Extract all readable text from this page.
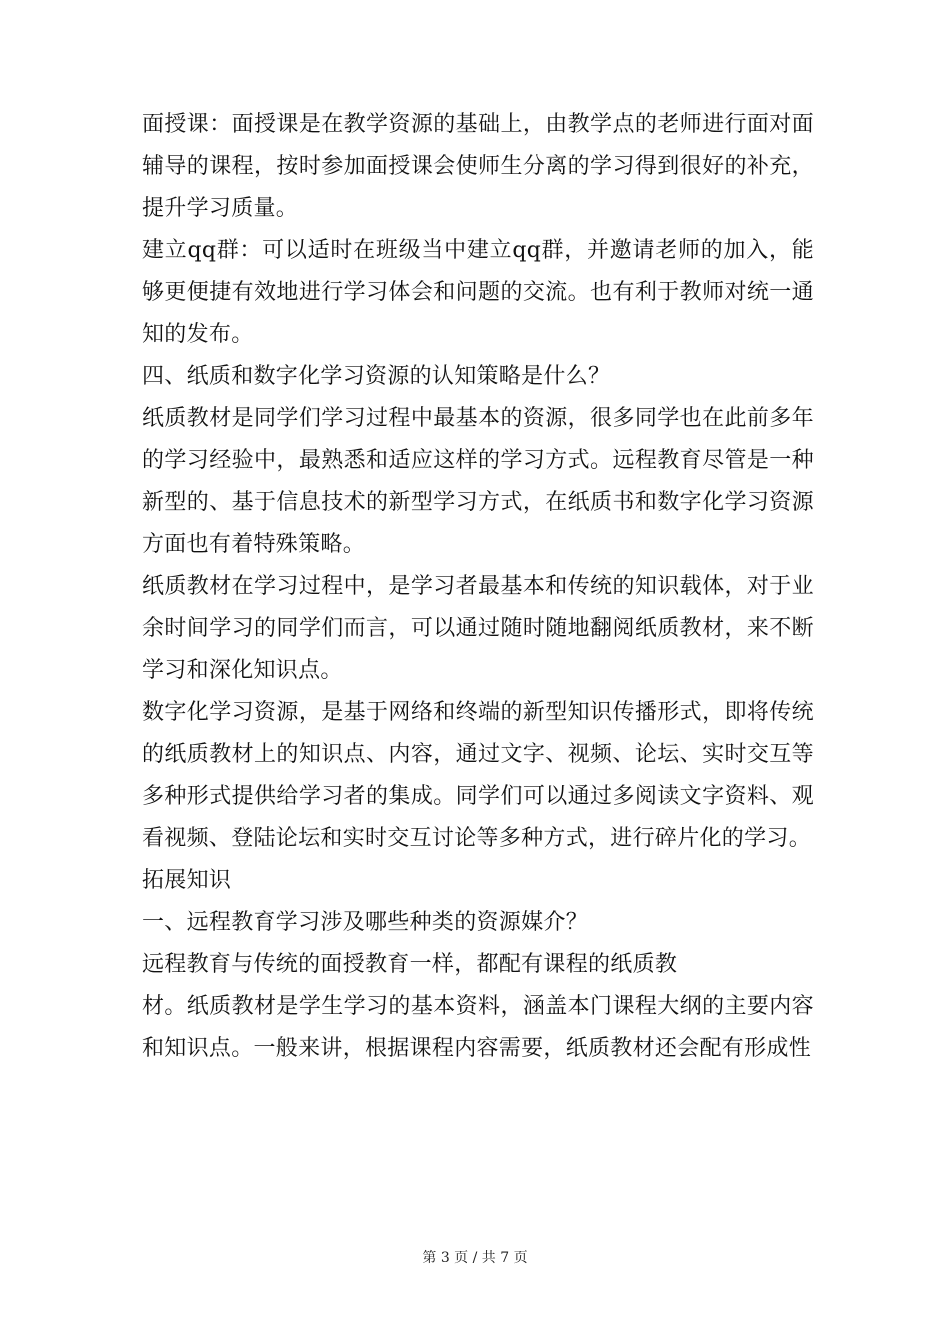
面授课：面授课是在教学资源的基础上，由教学点的老师进行面对面辅导的课程，按时参加面授课会使师生分离的学习得到很好的补充，提升学习质量。

建立qq群：可以适时在班级当中建立qq群，并邀请老师的加入，能够更便捷有效地进行学习体会和问题的交流。也有利于教师对统一通知的发布。

四、纸质和数字化学习资源的认知策略是什么？

纸质教材是同学们学习过程中最基本的资源，很多同学也在此前多年的学习经验中，最熟悉和适应这样的学习方式。远程教育尽管是一种新型的、基于信息技术的新型学习方式，在纸质书和数字化学习资源方面也有着特殊策略。

纸质教材在学习过程中，是学习者最基本和传统的知识载体，对于业余时间学习的同学们而言，可以通过随时随地翻阅纸质教材，来不断学习和深化知识点。

数字化学习资源，是基于网络和终端的新型知识传播形式，即将传统的纸质教材上的知识点、内容，通过文字、视频、论坛、实时交互等多种形式提供给学习者的集成。同学们可以通过多阅读文字资料、观看视频、登陆论坛和实时交互讨论等多种方式，进行碎片化的学习。

拓展知识

一、远程教育学习涉及哪些种类的资源媒介？

远程教育与传统的面授教育一样，都配有课程的纸质教

材。纸质教材是学生学习的基本资料，涵盖本门课程大纲的主要内容和知识点。一般来讲，根据课程内容需要，纸质教材还会配有形成性

第 3 页 / 共 7 页
